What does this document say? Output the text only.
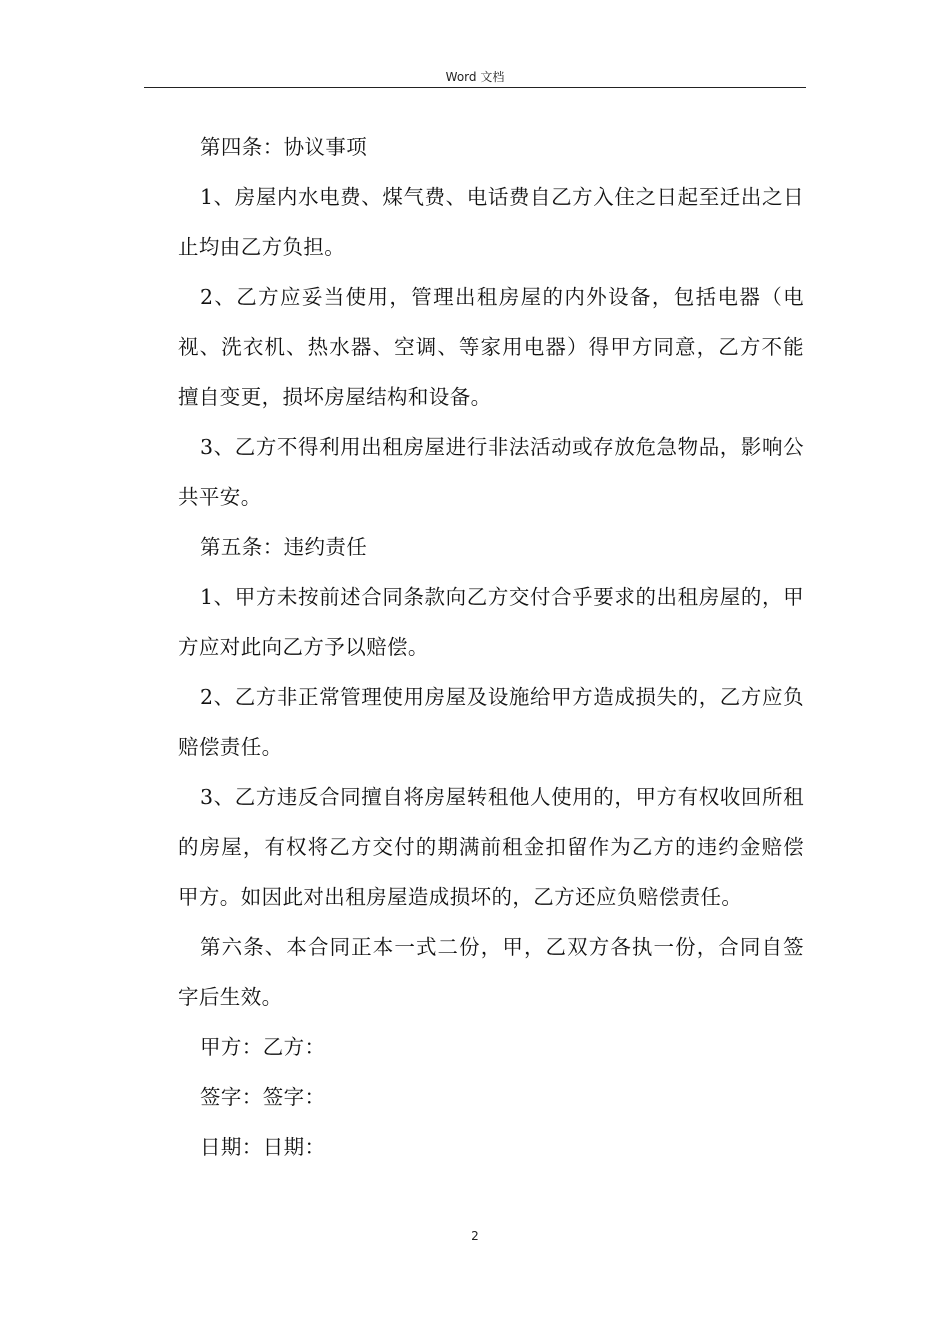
Word 文档

第四条：协议事项

1、房屋内水电费、煤气费、电话费自乙方入住之日起至迁出之日止均由乙方负担。

2、乙方应妥当使用，管理出租房屋的内外设备，包括电器（电视、洗衣机、热水器、空调、等家用电器）得甲方同意，乙方不能擅自变更，损坏房屋结构和设备。

3、乙方不得利用出租房屋进行非法活动或存放危急物品，影响公共平安。

第五条：违约责任

1、甲方未按前述合同条款向乙方交付合乎要求的出租房屋的，甲方应对此向乙方予以赔偿。

2、乙方非正常管理使用房屋及设施给甲方造成损失的，乙方应负赔偿责任。

3、乙方违反合同擅自将房屋转租他人使用的，甲方有权收回所租的房屋，有权将乙方交付的期满前租金扣留作为乙方的违约金赔偿甲方。如因此对出租房屋造成损坏的，乙方还应负赔偿责任。

第六条、本合同正本一式二份，甲，乙双方各执一份，合同自签字后生效。

甲方：乙方：

签字：签字：

日期：日期：

2
